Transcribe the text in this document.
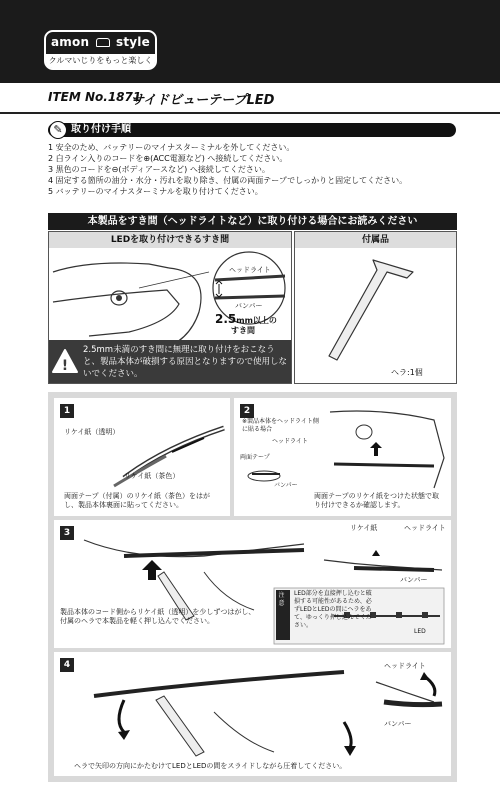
amon style
クルマいじりをもっと楽しく
ITEM No.1871
サイドビューテープLED
✎ 取り付け手順
1 安全のため、バッテリーのマイナスターミナルを外してください。
2 白ライン入りのコードを⊕(ACC電源など) へ接続してください。
3 黒色のコードを⊖(ボディアースなど) へ接続してください。
4 固定する箇所の油分・水分・汚れを取り除き、付属の両面テープでしっかりと固定してください。
5 バッテリーのマイナスターミナルを取り付けてください。
本製品をすき間（ヘッドライトなど）に取り付ける場合にお読みください
LEDを取り付けできるすき間
ヘッドライト
バンパー
2.5mm以上の
すき間
!
2.5mm未満のすき間に無理に取り付けをおこなうと、製品本体が破損する原因となりますので使用しないでください。
付属品
ヘラ:1個
1
リケイ紙（透明）
リケイ紙（茶色）
両面テープ（付属）のリケイ紙（茶色）をはがし、製品本体裏面に貼ってください。
2
※製品本体をヘッドライト側に貼る場合
ヘッドライト
両面テープ
バンパー
両面テープのリケイ紙をつけた状態で取り付けできるか確認します。
3	リケイ紙	ヘッドライト
バンパー
製品本体のコード側からリケイ紙（透明）を少しずつはがし、付属のヘラで本製品を軽く押し込んでください。
注意
LED部分を直接押し込むと破損する可能性があるため、必ずLEDとLEDの間にヘラをあて、ゆっくり押し込んでください。
LED
4	ヘッドライト
バンパー
ヘラで矢印の方向にかたむけてLEDとLEDの間をスライドしながら圧着してください。
